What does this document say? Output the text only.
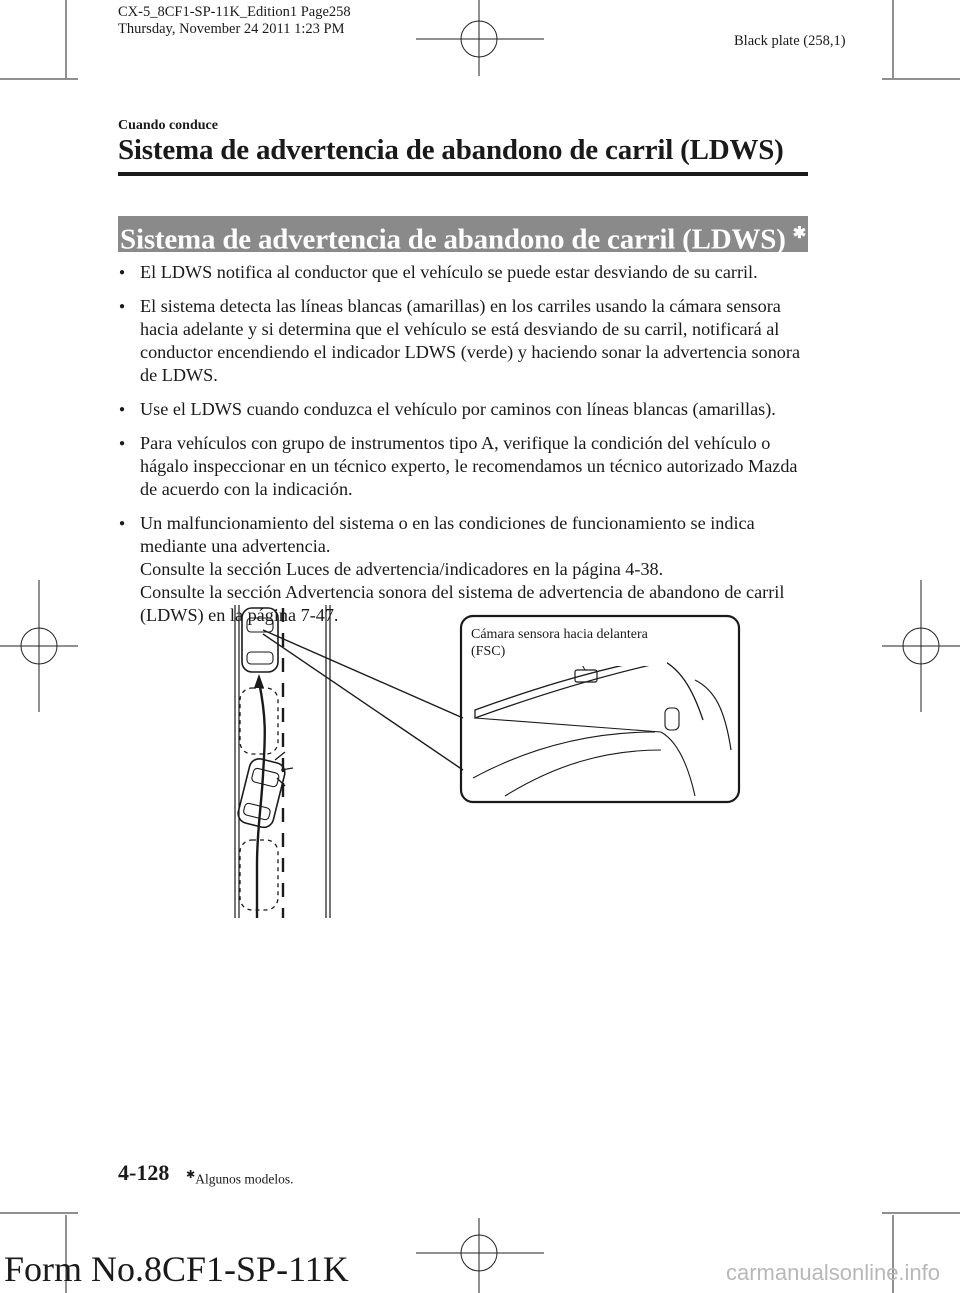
CX-5_8CF1-SP-11K_Edition1 Page258
Thursday, November 24 2011 1:23 PM
Black plate (258,1)
Cuando conduce
Sistema de advertencia de abandono de carril (LDWS)
Sistema de advertencia de abandono de carril (LDWS) ✱
● El LDWS notifica al conductor que el vehículo se puede estar desviando de su carril.
● El sistema detecta las líneas blancas (amarillas) en los carriles usando la cámara sensora hacia adelante y si determina que el vehículo se está desviando de su carril, notificará al conductor encendiendo el indicador LDWS (verde) y haciendo sonar la advertencia sonora de LDWS.
● Use el LDWS cuando conduzca el vehículo por caminos con líneas blancas (amarillas).
● Para vehículos con grupo de instrumentos tipo A, verifique la condición del vehículo o hágalo inspeccionar en un técnico experto, le recomendamos un técnico autorizado Mazda de acuerdo con la indicación.
● Un malfuncionamiento del sistema o en las condiciones de funcionamiento se indica mediante una advertencia.
Consulte la sección Luces de advertencia/indicadores en la página 4-38.
Consulte la sección Advertencia sonora del sistema de advertencia de abandono de carril (LDWS) en la página 7-47.
Cámara sensora hacia delantera
(FSC)
4-128 ✱Algunos modelos.
Form No.8CF1-SP-11K	carmanualsonline.info
